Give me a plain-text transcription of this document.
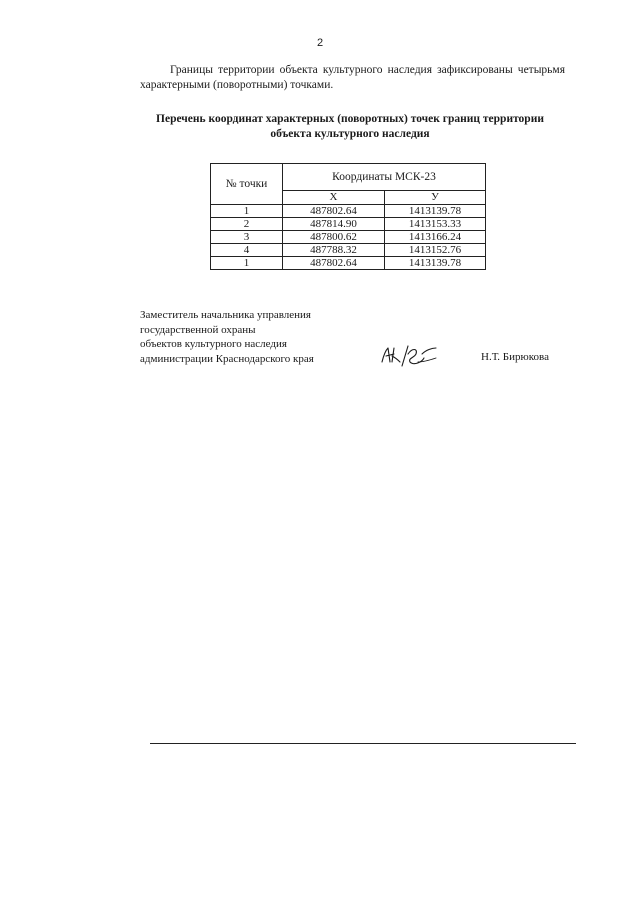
2

Границы территории объекта культурного наследия зафиксированы четырьмя характерными (поворотными) точками.

Перечень координат характерных (поворотных) точек границ территории
объекта культурного наследия
№ точки	Координаты МСК-23	
	X	У
1	487802.64	1413139.78
2	487814.90	1413153.33
3	487800.62	1413166.24
4	487788.32	1413152.76
1	487802.64	1413139.78
Заместитель начальника управления
государственной охраны
объектов культурного наследия
администрации Краснодарского края	Н.Т. Бирюкова
